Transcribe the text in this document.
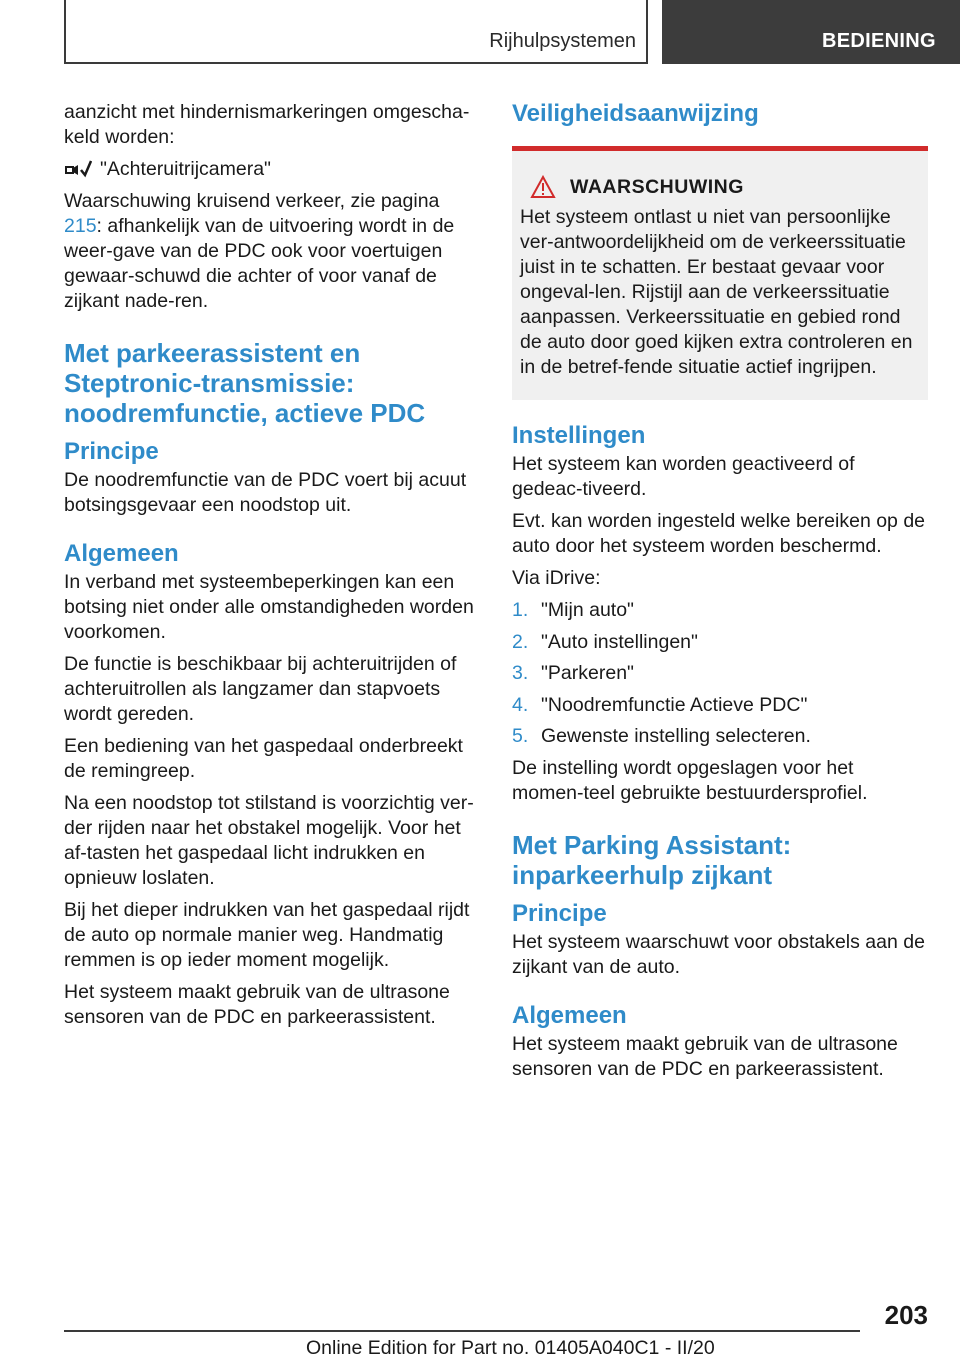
Rijhulpsystemen	BEDIENING

aanzicht met hindernismarkeringen omgescha-keld worden:

"Achteruitrijcamera"

Waarschuwing kruisend verkeer, zie pagina 215: afhankelijk van de uitvoering wordt in de weer-gave van de PDC ook voor voertuigen gewaar-schuwd die achter of voor vanaf de zijkant nade-ren.

Met parkeerassistent en Steptronic-transmissie: noodremfunctie, actieve PDC
Principe

De noodremfunctie van de PDC voert bij acuut botsingsgevaar een noodstop uit.

Algemeen

In verband met systeembeperkingen kan een botsing niet onder alle omstandigheden worden voorkomen.

De functie is beschikbaar bij achteruitrijden of achteruitrollen als langzamer dan stapvoets wordt gereden.

Een bediening van het gaspedaal onderbreekt de remingreep.

Na een noodstop tot stilstand is voorzichtig ver-der rijden naar het obstakel mogelijk. Voor het af-tasten het gaspedaal licht indrukken en opnieuw loslaten.

Bij het dieper indrukken van het gaspedaal rijdt de auto op normale manier weg. Handmatig remmen is op ieder moment mogelijk.

Het systeem maakt gebruik van de ultrasone sensoren van de PDC en parkeerassistent.

Veiligheidsaanwijzing
WAARSCHUWING

Het systeem ontlast u niet van persoonlijke ver-antwoordelijkheid om de verkeerssituatie juist in te schatten. Er bestaat gevaar voor ongeval-len. Rijstijl aan de verkeerssituatie aanpassen. Verkeerssituatie en gebied rond de auto door goed kijken extra controleren en in de betref-fende situatie actief ingrijpen.

Instellingen

Het systeem kan worden geactiveerd of gedeac-tiveerd.

Evt. kan worden ingesteld welke bereiken op de auto door het systeem worden beschermd.

Via iDrive:

1. "Mijn auto"
2. "Auto instellingen"
3. "Parkeren"
4. "Noodremfunctie Actieve PDC"
5. Gewenste instelling selecteren.

De instelling wordt opgeslagen voor het momen-teel gebruikte bestuurdersprofiel.

Met Parking Assistant: inparkeerhulp zijkant
Principe

Het systeem waarschuwt voor obstakels aan de zijkant van de auto.

Algemeen

Het systeem maakt gebruik van de ultrasone sensoren van de PDC en parkeerassistent.

203
Online Edition for Part no. 01405A040C1 - II/20
